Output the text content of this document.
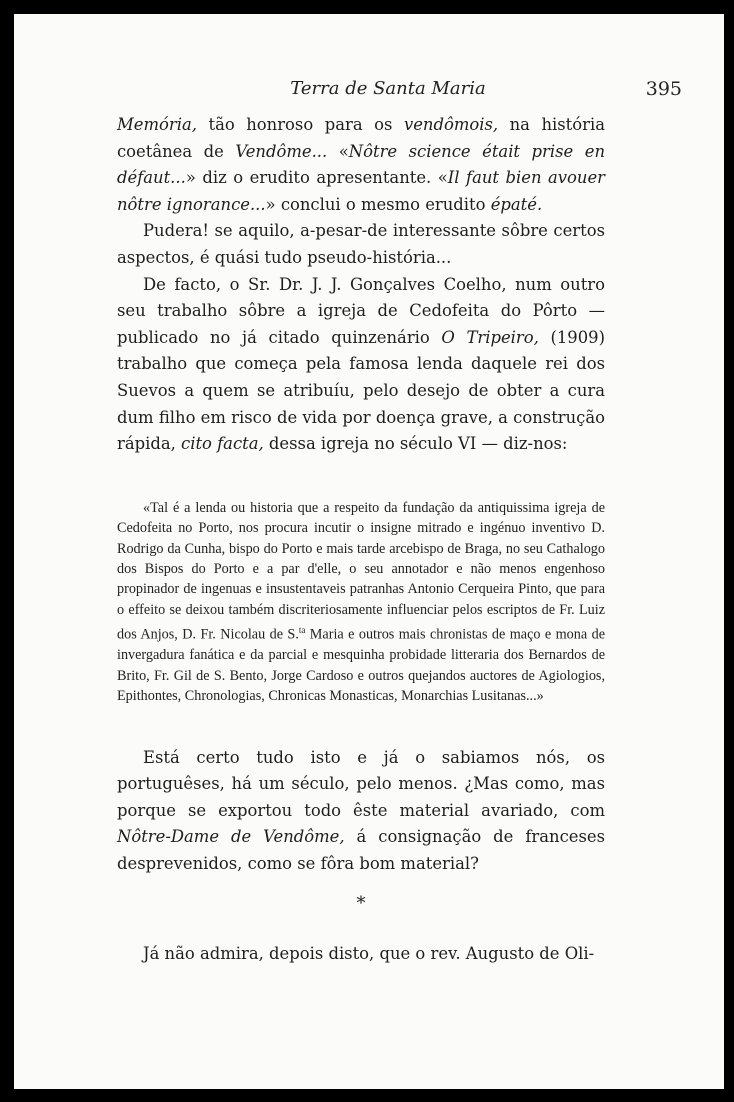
Terra de Santa Maria	395

Memória, tão honroso para os vendômois, na história coetânea de Vendôme... «Nôtre science était prise en défaut...» diz o erudito apresentante. «Il faut bien avouer nôtre ignorance...» conclui o mesmo erudito épaté.

Pudera! se aquilo, a-pesar-de interessante sôbre certos aspectos, é quási tudo pseudo-história...

De facto, o Sr. Dr. J. J. Gonçalves Coelho, num outro seu trabalho sôbre a igreja de Cedofeita do Pôrto — publicado no já citado quinzenário O Tripeiro, (1909) trabalho que começa pela famosa lenda daquele rei dos Suevos a quem se atribuíu, pelo desejo de obter a cura dum filho em risco de vida por doença grave, a construção rápida, cito facta, dessa igreja no século VI — diz-nos:

«Tal é a lenda ou historia que a respeito da fundação da antiquissima igreja de Cedofeita no Porto, nos procura incutir o insigne mitrado e ingénuo inventivo D. Rodrigo da Cunha, bispo do Porto e mais tarde arcebispo de Braga, no seu Cathalogo dos Bispos do Porto e a par d'elle, o seu annotador e não menos engenhoso propinador de ingenuas e insustentaveis patranhas Antonio Cerqueira Pinto, que para o effeito se deixou também discriteriosamente influenciar pelos escriptos de Fr. Luiz dos Anjos, D. Fr. Nicolau de S.$^{ta}$ Maria e outros mais chronistas de maço e mona de invergadura fanática e da parcial e mesquinha probidade litteraria dos Bernardos de Brito, Fr. Gil de S. Bento, Jorge Cardoso e outros quejandos auctores de Agiologios, Epithontes, Chronologias, Chronicas Monasticas, Monarchias Lusitanas...»

Está certo tudo isto e já o sabiamos nós, os portuguêses, há um século, pelo menos. ¿Mas como, mas porque se exportou todo êste material avariado, com Nôtre-Dame de Vendôme, á consignação de franceses desprevenidos, como se fôra bom material?

*

Já não admira, depois disto, que o rev. Augusto de Oli-
